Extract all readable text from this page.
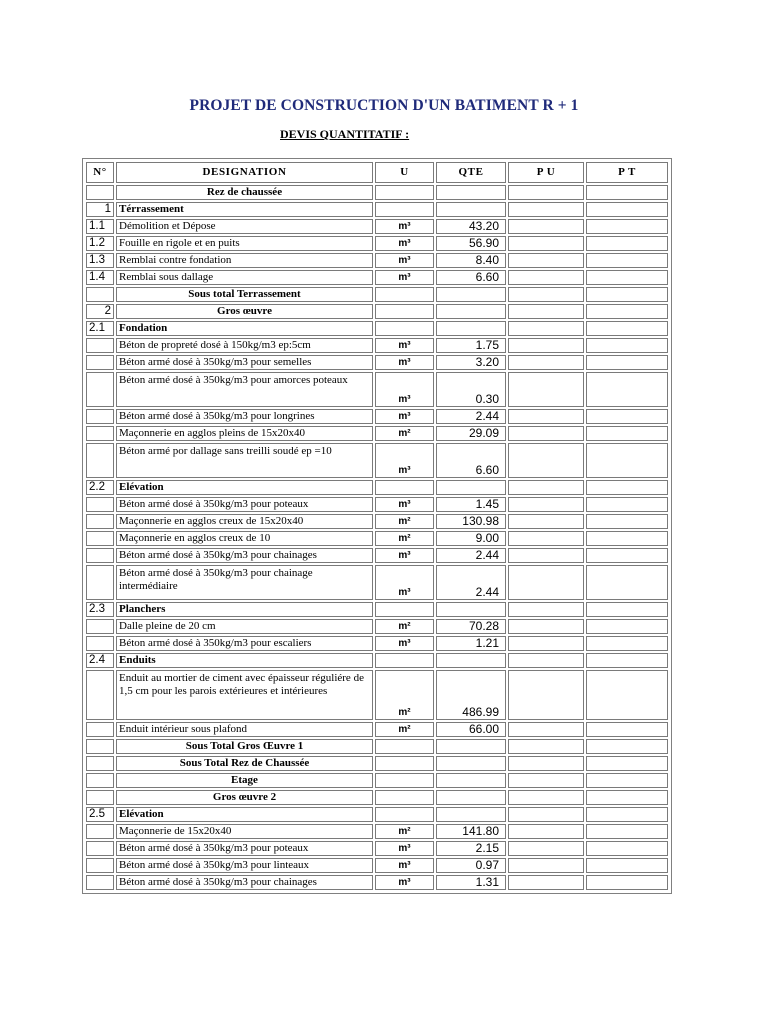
PROJET DE CONSTRUCTION D'UN BATIMENT R + 1
DEVIS QUANTITATIF :
N°	DESIGNATION	U	QTE	P U	P T
	Rez de chaussée				
1	Térrassement				
1.1	Démolition et Dépose	m³	43.20		
1.2	Fouille en rigole et en puits	m³	56.90		
1.3	Remblai contre fondation	m³	8.40		
1.4	Remblai sous dallage	m³	6.60		
	Sous total Terrassement				
2	Gros œuvre				
2.1	Fondation				
	Béton de propreté dosé à 150kg/m3 ep:5cm	m³	1.75		
	Béton armé dosé à 350kg/m3 pour semelles	m³	3.20		
	Béton armé dosé à 350kg/m3 pour amorces poteaux	m³	0.30		
	Béton armé dosé à 350kg/m3 pour longrines	m³	2.44		
	Maçonnerie en agglos pleins de 15x20x40	m²	29.09		
	Béton armé por dallage sans treilli soudé ep =10	m³	6.60		
2.2	Elévation				
	Béton armé dosé à 350kg/m3 pour poteaux	m³	1.45		
	Maçonnerie en agglos creux de 15x20x40	m²	130.98		
	Maçonnerie en agglos creux de 10	m²	9.00		
	Béton armé dosé à 350kg/m3 pour chainages	m³	2.44		
	Béton armé dosé à 350kg/m3 pour chainage intermédiaire	m³	2.44		
2.3	Planchers				
	Dalle pleine de 20 cm	m²	70.28		
	Béton armé dosé à 350kg/m3 pour escaliers	m³	1.21		
2.4	Enduits				
	Enduit au mortier de ciment avec épaisseur réguliére de 1,5 cm pour les parois extérieures et intérieures	m²	486.99		
	Enduit intérieur sous plafond	m²	66.00		
	Sous Total Gros Œuvre 1				
	Sous Total Rez de Chaussée				
	Etage				
	Gros œuvre 2				
2.5	Elévation				
	Maçonnerie de 15x20x40	m²	141.80		
	Béton armé dosé à 350kg/m3 pour poteaux	m³	2.15		
	Béton armé dosé à 350kg/m3 pour linteaux	m³	0.97		
	Béton armé dosé à 350kg/m3 pour chainages	m³	1.31		
